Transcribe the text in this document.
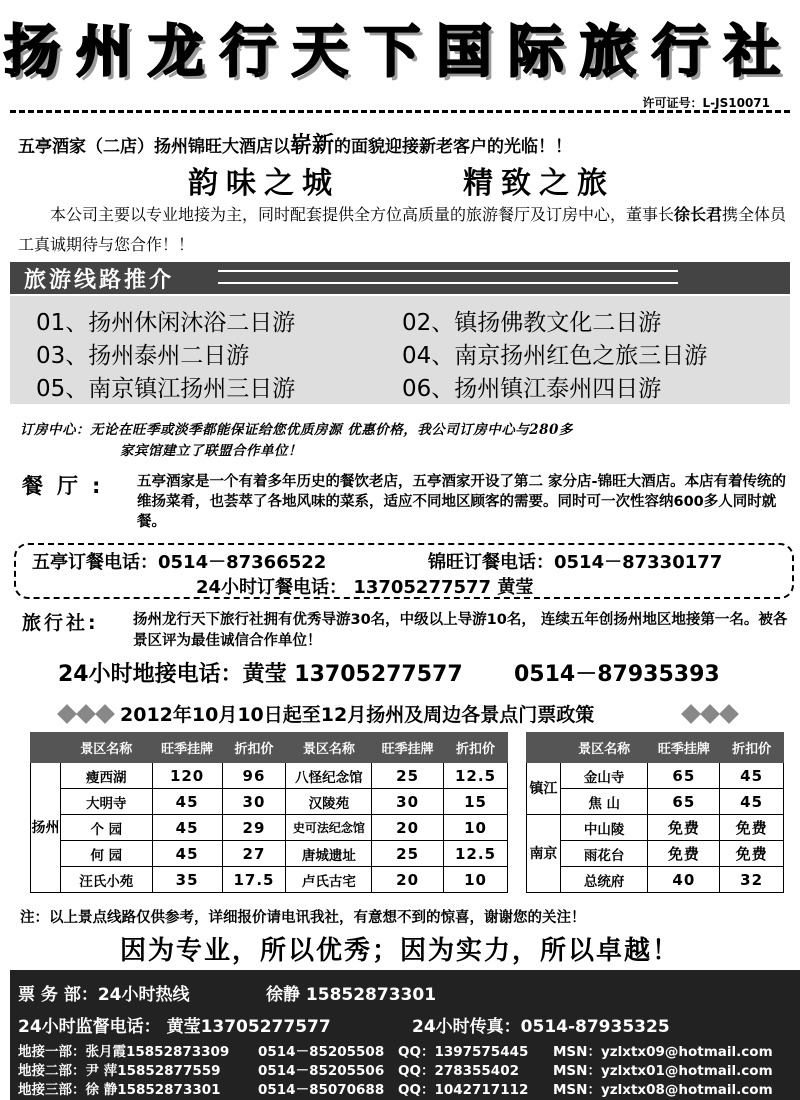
扬州龙行天下国际旅行社
许可证号：L-JS10071
五亭酒家（二店）扬州锦旺大酒店以崭新的面貌迎接新老客户的光临！！
韵味之城	精致之旅
本公司主要以专业地接为主，同时配套提供全方位高质量的旅游餐厅及订房中心，董事长徐长君携全体员工真诚期待与您合作！！
旅游线路推介
01、扬州休闲沐浴二日游	02、镇扬佛教文化二日游
03、扬州泰州二日游	04、南京扬州红色之旅三日游
05、南京镇江扬州三日游	06、扬州镇江泰州四日游
订房中心：无论在旺季或淡季都能保证给您优质房源 优惠价格，我公司订房中心与280多
家宾馆建立了联盟合作单位！
餐厅: 五亭酒家是一个有着多年历史的餐饮老店，五亭酒家开设了第二 家分店-锦旺大酒店。本店有着传统的维扬菜肴，也荟萃了各地风味的菜系，适应不同地区顾客的需要。同时可一次性容纳600多人同时就餐。
五亭订餐电话：0514－87366522	锦旺订餐电话：0514－87330177
24小时订餐电话： 13705277577 黄莹
旅行社: 扬州龙行天下旅行社拥有优秀导游30名，中级以上导游10名， 连续五年创扬州地区地接第一名。被各景区评为最佳诚信合作单位！
24小时地接电话：黄莹 13705277577 0514－87935393
2012年10月10日起至12月扬州及周边各景点门票政策
	景区名称	旺季挂牌	折扣价	景区名称	旺季挂牌	折扣价
扬州	瘦西湖	120	96	八怪纪念馆	25	12.5
	大明寺	45	30	汉陵苑	30	15
	个 园	45	29	史可法纪念馆	20	10
	何 园	45	27	唐城遗址	25	12.5
	汪氏小苑	35	17.5	卢氏古宅	20	10
	景区名称	旺季挂牌	折扣价
镇江	金山寺	65	45
	焦 山	65	45
南京	中山陵	免费	免费
	雨花台	免费	免费
	总统府	40	32
注：以上景点线路仅供参考，详细报价请电讯我社，有意想不到的惊喜，谢谢您的关注！
因为专业，所以优秀；因为实力，所以卓越！
票 务 部：24小时热线	徐静 15852873301
24小时监督电话： 黄莹13705277577	24小时传真：0514-87935325
地接一部：张月霞15852873309 0514－85205508 QQ：1397575445 MSN：yzlxtx09@hotmail.com
地接二部：尹 萍15852877559	0514－85205506 QQ：278355402	MSN：yzlxtx01@hotmail.com
地接三部：徐 静15852873301	0514－85070688 QQ：1042717112 MSN：yzlxtx08@hotmail.com
